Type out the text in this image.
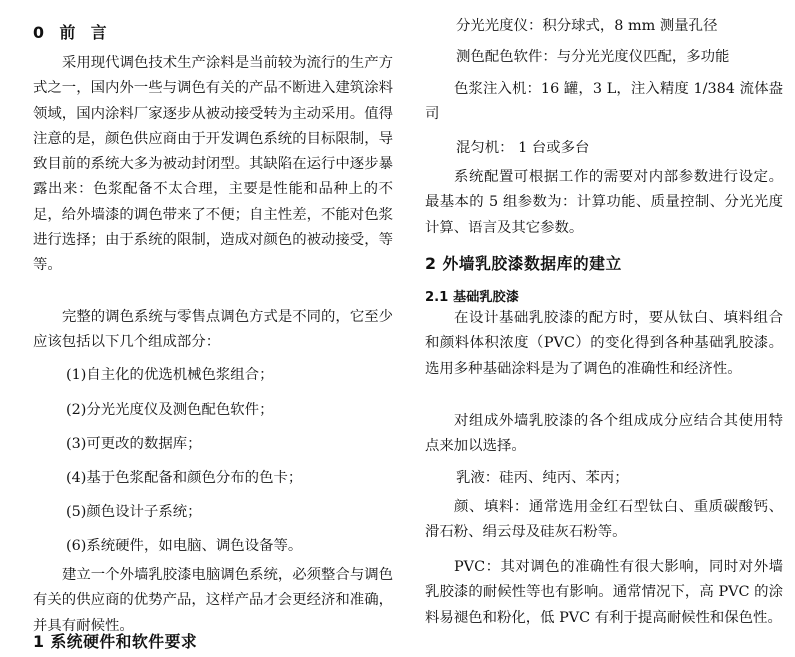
0 前 言

采用现代调色技术生产涂料是当前较为流行的生产方式之一，国内外一些与调色有关的产品不断进入建筑涂料领域，国内涂料厂家逐步从被动接受转为主动采用。值得注意的是，颜色供应商由于开发调色系统的目标限制，导致目前的系统大多为被动封闭型。其缺陷在运行中逐步暴露出来：色浆配备不太合理，主要是性能和品种上的不足，给外墙漆的调色带来了不便；自主性差，不能对色浆进行选择；由于系统的限制，造成对颜色的被动接受，等等。

完整的调色系统与零售点调色方式是不同的，它至少应该包括以下几个组成部分：

(1)自主化的优选机械色浆组合；
(2)分光光度仪及测色配色软件；
(3)可更改的数据库；
(4)基于色浆配备和颜色分布的色卡；
(5)颜色设计子系统；
(6)系统硬件，如电脑、调色设备等。

建立一个外墙乳胶漆电脑调色系统，必须整合与调色有关的供应商的优势产品，这样产品才会更经济和准确，并具有耐候性。

1 系统硬件和软件要求
分光光度仪：积分球式，8 mm 测量孔径
测色配色软件：与分光光度仪匹配，多功能

色浆注入机：16 罐，3 L，注入精度 1/384 流体盎司

混匀机： 1 台或多台

系统配置可根据工作的需要对内部参数进行设定。最基本的 5 组参数为：计算功能、质量控制、分光光度计算、语言及其它参数。

2 外墙乳胶漆数据库的建立
2.1 基础乳胶漆

在设计基础乳胶漆的配方时，要从钛白、填料组合和颜料体积浓度（PVC）的变化得到各种基础乳胶漆。选用多种基础涂料是为了调色的准确性和经济性。

对组成外墙乳胶漆的各个组成成分应结合其使用特点来加以选择。

乳液：硅丙、纯丙、苯丙；

颜、填料：通常选用金红石型钛白、重质碳酸钙、滑石粉、绢云母及硅灰石粉等。

PVC：其对调色的准确性有很大影响，同时对外墙乳胶漆的耐候性等也有影响。通常情况下，高 PVC 的涂料易褪色和粉化，低 PVC 有利于提高耐候性和保色性。
